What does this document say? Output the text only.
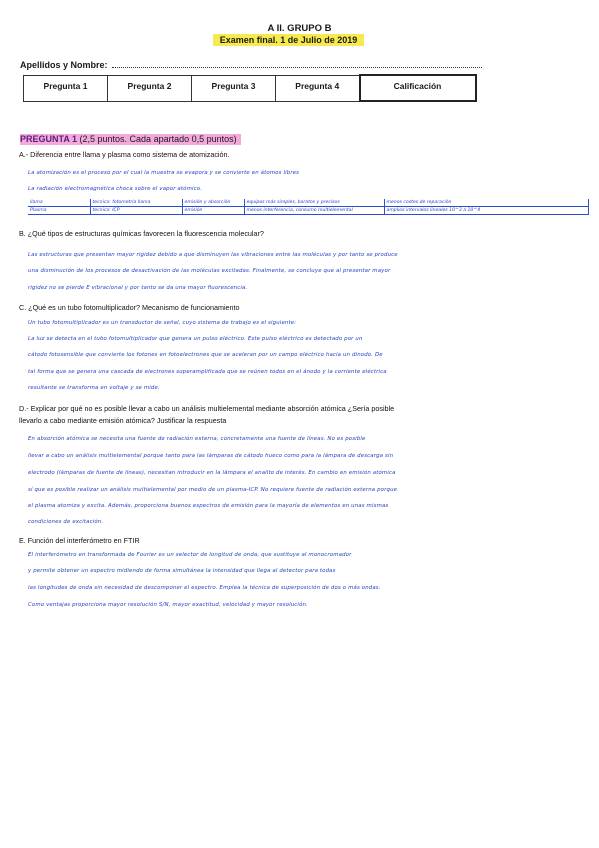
A II. GRUPO B
Examen final. 1 de Julio de 2019
Apellidos y Nombre:
Pregunta 1	Pregunta 2	Pregunta 3	Pregunta 4	Calificación
PREGUNTA 1 (2,5 puntos. Cada apartado 0,5 puntos)
A.- Diferencia entre llama y plasma como sistema de atomización.
La atomización es el proceso por el cual la muestra se evapora y se convierte en átomos libres
La radiación electromagnética choca sobre el vapor atómico.
llama	tecnica: fotometría llama	emisión y absorción	equipos más simples, baratos y precisos	menos costes de reparación
Plasma	tecnica: ICP	emisión	menos interferencia, consumo multielemental	amplios intervalos lineales 10^3 a 10^4
B. ¿Qué tipos de estructuras químicas favorecen la fluorescencia molecular?
Las estructuras que presentan mayor rigidez debido a que disminuyen las vibraciones entre las moléculas y por tanto se produce
una disminución de los procesos de desactivación de las moléculas excitadas. Finalmente, se concluye que al presentar mayor
rigidez no se pierde E vibracional y por tanto se da una mayor fluorescencia.
C. ¿Qué es un tubo fotomultiplicador? Mecanismo de funcionamiento
Un tubo fotomultiplicador es un transductor de señal, cuyo sistema de trabajo es el siguiente:
La luz se detecta en el tubo fotomultiplicador que genera un pulso eléctrico. Este pulso eléctrico es detectado por un
cátodo fotosensible que convierte los fotones en fotoelectrones que se aceleran por un campo eléctrico hacia un dinodo. De
tal forma que se genera una cascada de electrones superamplificada que se reúnen todos en el ánodo y la corriente eléctrica
resultante se transforma en voltaje y se mide.
D.- Explicar por qué no es posible llevar a cabo un análisis multielemental mediante absorción atómica ¿Sería posible
llevarlo a cabo mediante emisión atómica? Justificar la respuesta
En absorción atómica se necesita una fuente de radiación externa, concretamente una fuente de líneas. No es posible
llevar a cabo un análisis multielemental porque tanto para las lámparas de cátodo hueco como para la lámpara de descarga sin
electrodo (lámparas de fuente de líneas), necesitan introducir en la lámpara el analito de interés. En cambio en emisión atómica
sí que es posible realizar un análisis multielemental por medio de un plasma-ICP. No requiere fuente de radiación externa porque
el plasma atomiza y excita. Además, proporciona buenos espectros de emisión para la mayoría de elementos en unas mismas
condiciones de excitación.
E. Función del interferómetro en FTIR
El interferómetro en transformada de Fourier es un selector de longitud de onda, que sustituye al monocromador
y permite obtener un espectro midiendo de forma simultánea la intensidad que llega al detector para todas
las longitudes de onda sin necesidad de descomponer el espectro. Emplea la técnica de superposición de dos o más ondas.
Como ventajas proporciona mayor resolución S/N, mayor exactitud, velocidad y mayor resolución.
